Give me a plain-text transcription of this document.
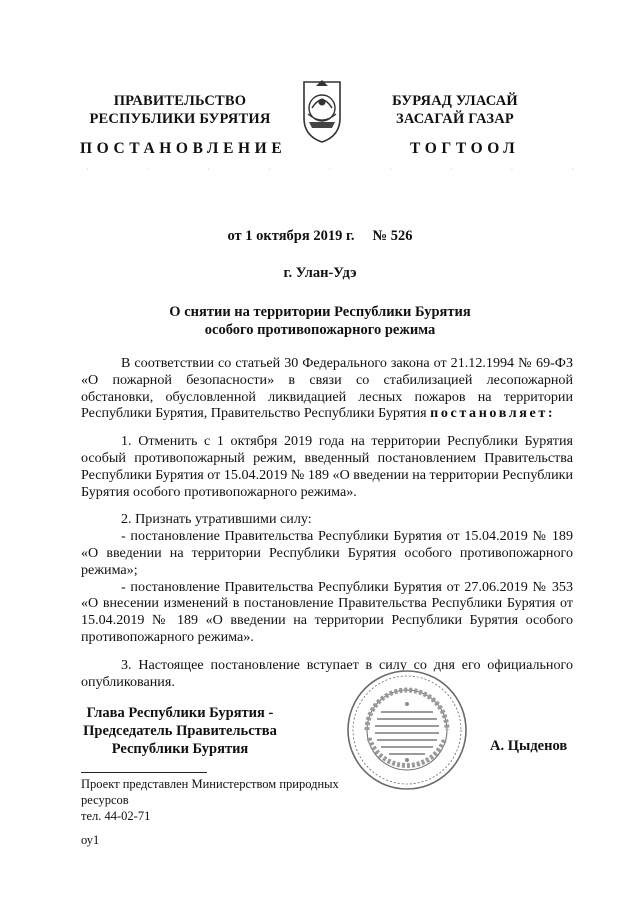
ПРАВИТЕЛЬСТВО
РЕСПУБЛИКИ БУРЯТИЯ
БУРЯАД УЛАСАЙ
ЗАСАГАЙ ГАЗАР
ПОСТАНОВЛЕНИЕ	ТОГТООЛ
·········
от 1 октября 2019 г. № 526
г. Улан-Удэ
О снятии на территории Республики Бурятия
особого противопожарного режима

В соответствии со статьей 30 Федерального закона от 21.12.1994 № 69-ФЗ «О пожарной безопасности» в связи со стабилизацией лесопожарной обстановки, обусловленной ликвидацией лесных пожаров на территории Республики Бурятия, Правительство Республики Бурятия постановляет:

1. Отменить с 1 октября 2019 года на территории Республики Бурятия особый противопожарный режим, введенный постановлением Правительства Республики Бурятия от 15.04.2019 № 189 «О введении на территории Республики Бурятия особого противопожарного режима».

2. Признать утратившими силу:

- постановление Правительства Республики Бурятия от 15.04.2019 № 189 «О введении на территории Республики Бурятия особого противопожарного режима»;

- постановление Правительства Республики Бурятия от 27.06.2019 № 353 «О внесении изменений в постановление Правительства Республики Бурятия от 15.04.2019 № 189 «О введении на территории Республики Бурятия особого противопожарного режима».

3. Настоящее постановление вступает в силу со дня его официального опубликования.

Глава Республики Бурятия -
Председатель Правительства
Республики Бурятия	А. Цыденов
Проект представлен Министерством природных
ресурсов
тел. 44-02-71
оу1
